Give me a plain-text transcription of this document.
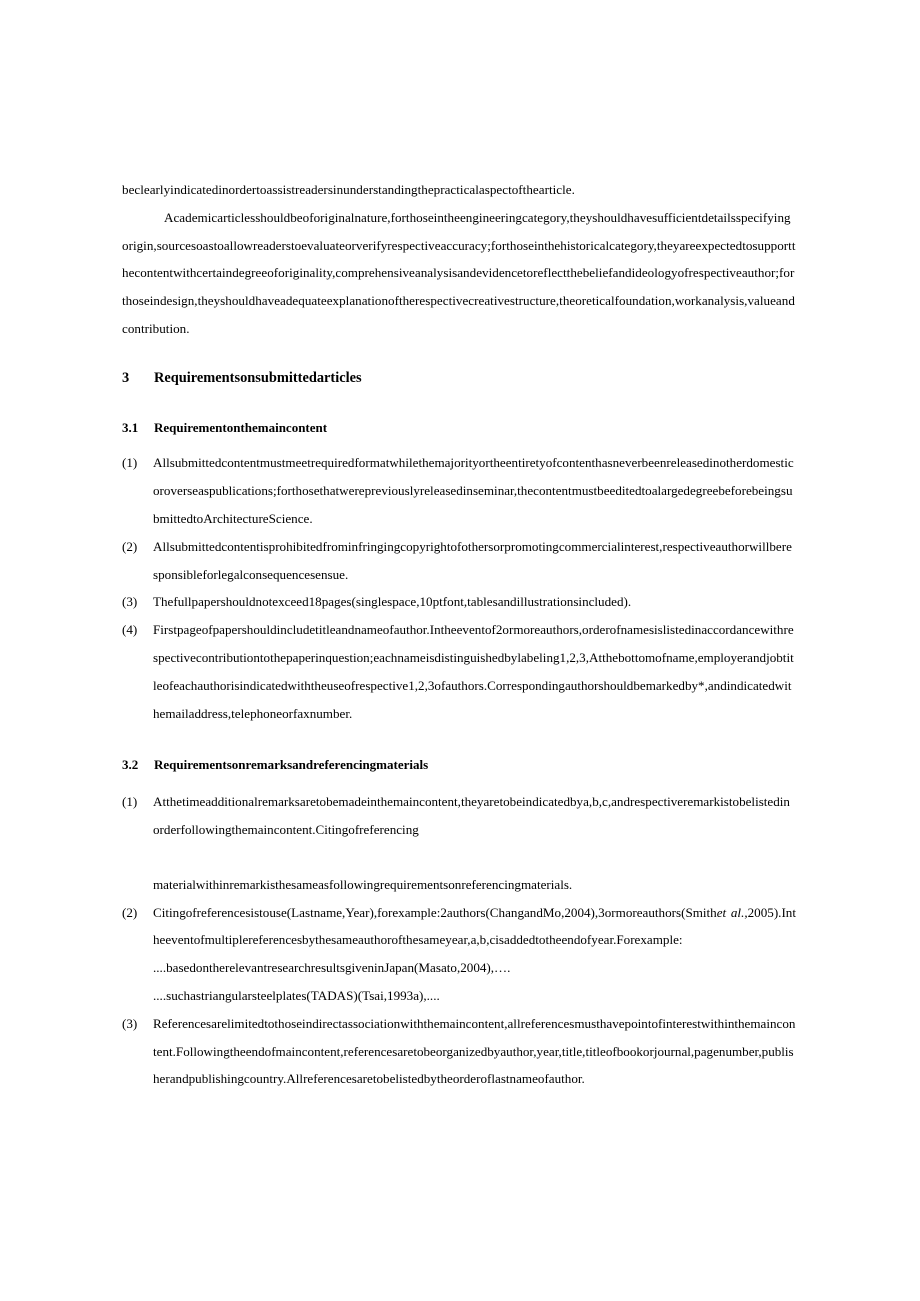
beclearlyindicatedinordertoassistreadersinunderstandingthepracticalaspectofthearticle.

Academicarticlesshouldbeoforiginalnature,forthoseintheengineeringcategory,theyshouldhavesufficientdetailsspecifyingorigin,sourcesoastoallowreaderstoevaluateorverifyrespectiveaccuracy;forthoseinthehistoricalcategory,theyareexpectedtosupportthecontentwithcertaindegreeoforiginality,comprehensiveanalysisandevidencetoreflectthebeliefandideologyofrespectiveauthor;forthoseindesign,theyshouldhaveadequateexplanationoftherespectivecreativestructure,theoreticalfoundation,workanalysis,valueandcontribution.

3	Requirementsonsubmittedarticles
3.1	Requirementonthemaincontent
(1)	Allsubmittedcontentmustmeetrequiredformatwhilethemajorityortheentiretyofcontenthasneverbeenreleasedinotherdomesticoroverseaspublications;forthosethatwerepreviouslyreleasedinseminar,thecontentmustbeeditedtoalargedegreebeforebeingsubmittedtoArchitectureScience.
(2)	Allsubmittedcontentisprohibitedfrominfringingcopyrightofothersorpromotingcommercialinterest,respectiveauthorwillberesponsibleforlegalconsequencesensue.
(3)	Thefullpapershouldnotexceed18pages(singlespace,10ptfont,tablesandillustrationsincluded).
(4)	Firstpageofpapershouldincludetitleandnameofauthor.Intheeventof2ormoreauthors,orderofnamesislistedinaccordancewithrespectivecontributiontothepaperinquestion;eachnameisdistinguishedbylabeling1,2,3,Atthebottomofname,employerandjobtitleofeachauthorisindicatedwiththeuseofrespective1,2,3ofauthors.Correspondingauthorshouldbemarkedby*,andindicatedwithemailaddress,telephoneorfaxnumber.
3.2	Requirementsonremarksandreferencingmaterials
(1)	Atthetimeadditionalremarksaretobemadeinthemaincontent,theyaretobeindicatedbya,b,c,andrespectiveremarkistobelistedinorderfollowingthemaincontent.Citingofreferencing
materialwithinremarkisthesameasfollowingrequirementsonreferencingmaterials.
(2)	Citingofreferencesistouse(Lastname,Year),forexample:2authors(ChangandMo,2004),3ormoreauthors(Smithet al.,2005).Intheeventofmultiplereferencesbythesameauthorofthesameyear,a,b,cisaddedtotheendofyear.Forexample:
....basedontherelevantresearchresultsgiveninJapan(Masato,2004),….
....suchastriangularsteelplates(TADAS)(Tsai,1993a),....
(3)	Referencesarelimitedtothoseindirectassociationwiththemaincontent,allreferencesmusthavepointofinterestwithinthemaincontent.Followingtheendofmaincontent,referencesaretobeorganizedbyauthor,year,title,titleofbookorjournal,pagenumber,publisherandpublishingcountry.Allreferencesaretobelistedbytheorderoflastnameofauthor.
